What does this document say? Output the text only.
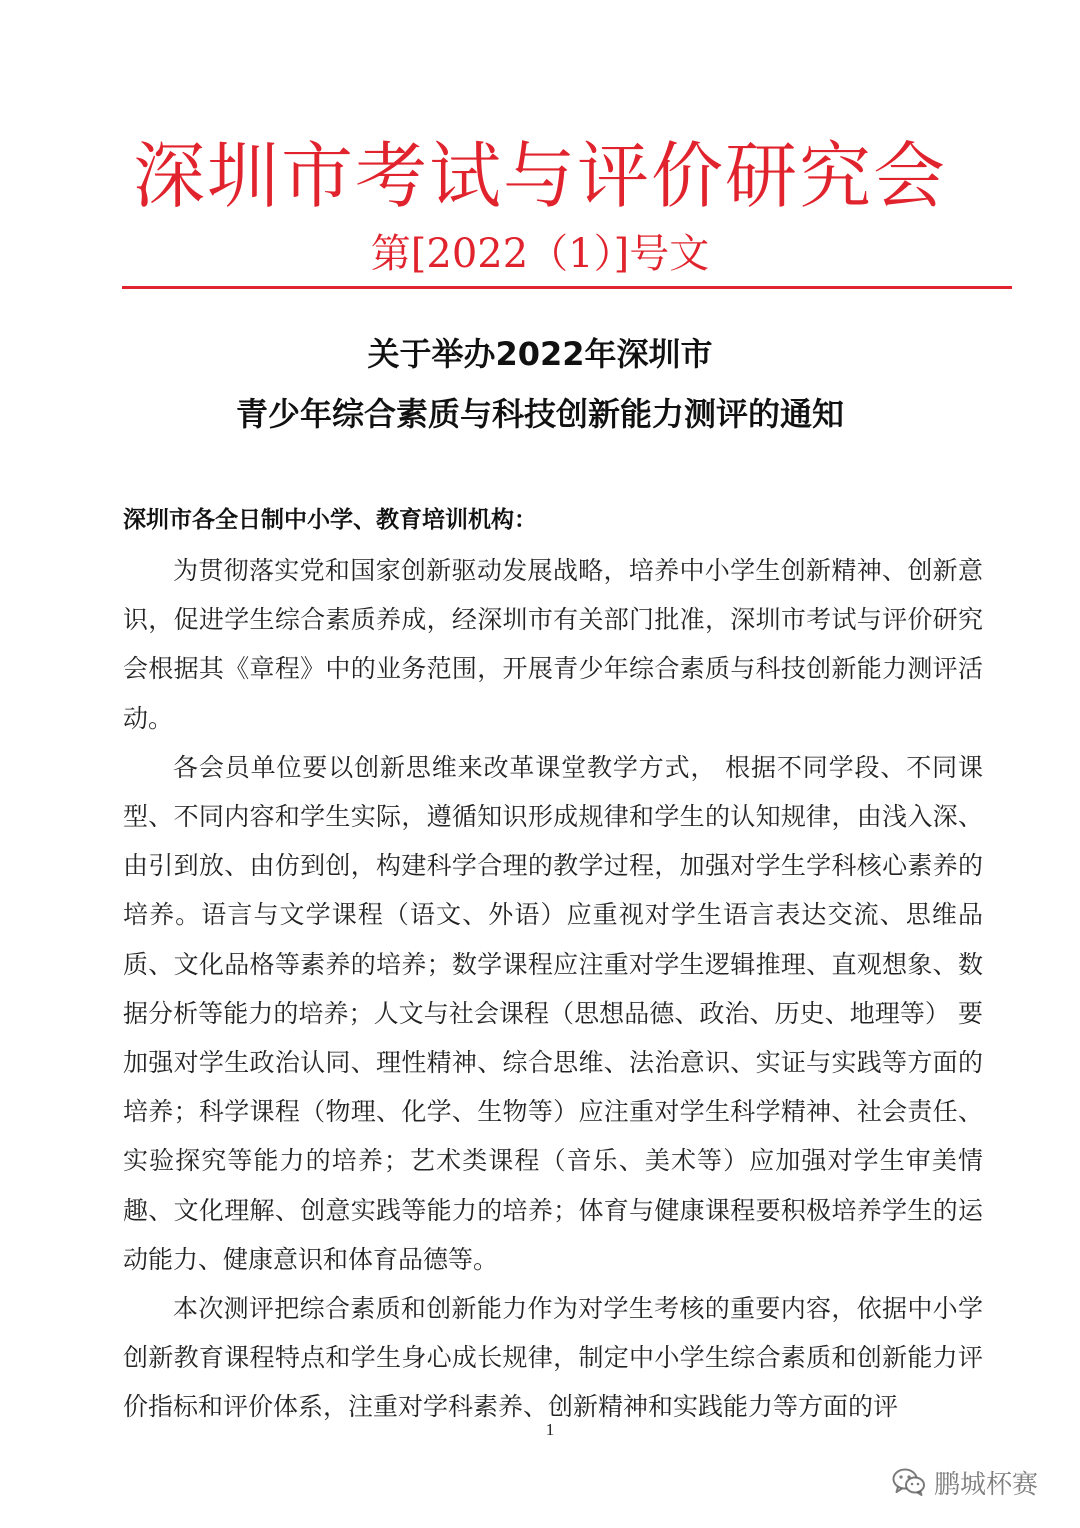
深圳市考试与评价研究会
第[2022（1）]号文
关于举办2022年深圳市
青少年综合素质与科技创新能力测评的通知
深圳市各全日制中小学、教育培训机构：

为贯彻落实党和国家创新驱动发展战略，培养中小学生创新精神、创新意识，促进学生综合素质养成，经深圳市有关部门批准，深圳市考试与评价研究会根据其《章程》中的业务范围，开展青少年综合素质与科技创新能力测评活动。

各会员单位要以创新思维来改革课堂教学方式， 根据不同学段、不同课型、不同内容和学生实际，遵循知识形成规律和学生的认知规律，由浅入深、由引到放、由仿到创，构建科学合理的教学过程，加强对学生学科核心素养的培养。语言与文学课程（语文、外语）应重视对学生语言表达交流、思维品质、文化品格等素养的培养；数学课程应注重对学生逻辑推理、直观想象、数据分析等能力的培养；人文与社会课程（思想品德、政治、历史、地理等） 要加强对学生政治认同、理性精神、综合思维、法治意识、实证与实践等方面的培养；科学课程（物理、化学、生物等）应注重对学生科学精神、社会责任、实验探究等能力的培养；艺术类课程（音乐、美术等）应加强对学生审美情趣、文化理解、创意实践等能力的培养；体育与健康课程要积极培养学生的运动能力、健康意识和体育品德等。

本次测评把综合素质和创新能力作为对学生考核的重要内容，依据中小学创新教育课程特点和学生身心成长规律，制定中小学生综合素质和创新能力评价指标和评价体系，注重对学科素养、创新精神和实践能力等方面的评

1
鹏城杯赛
